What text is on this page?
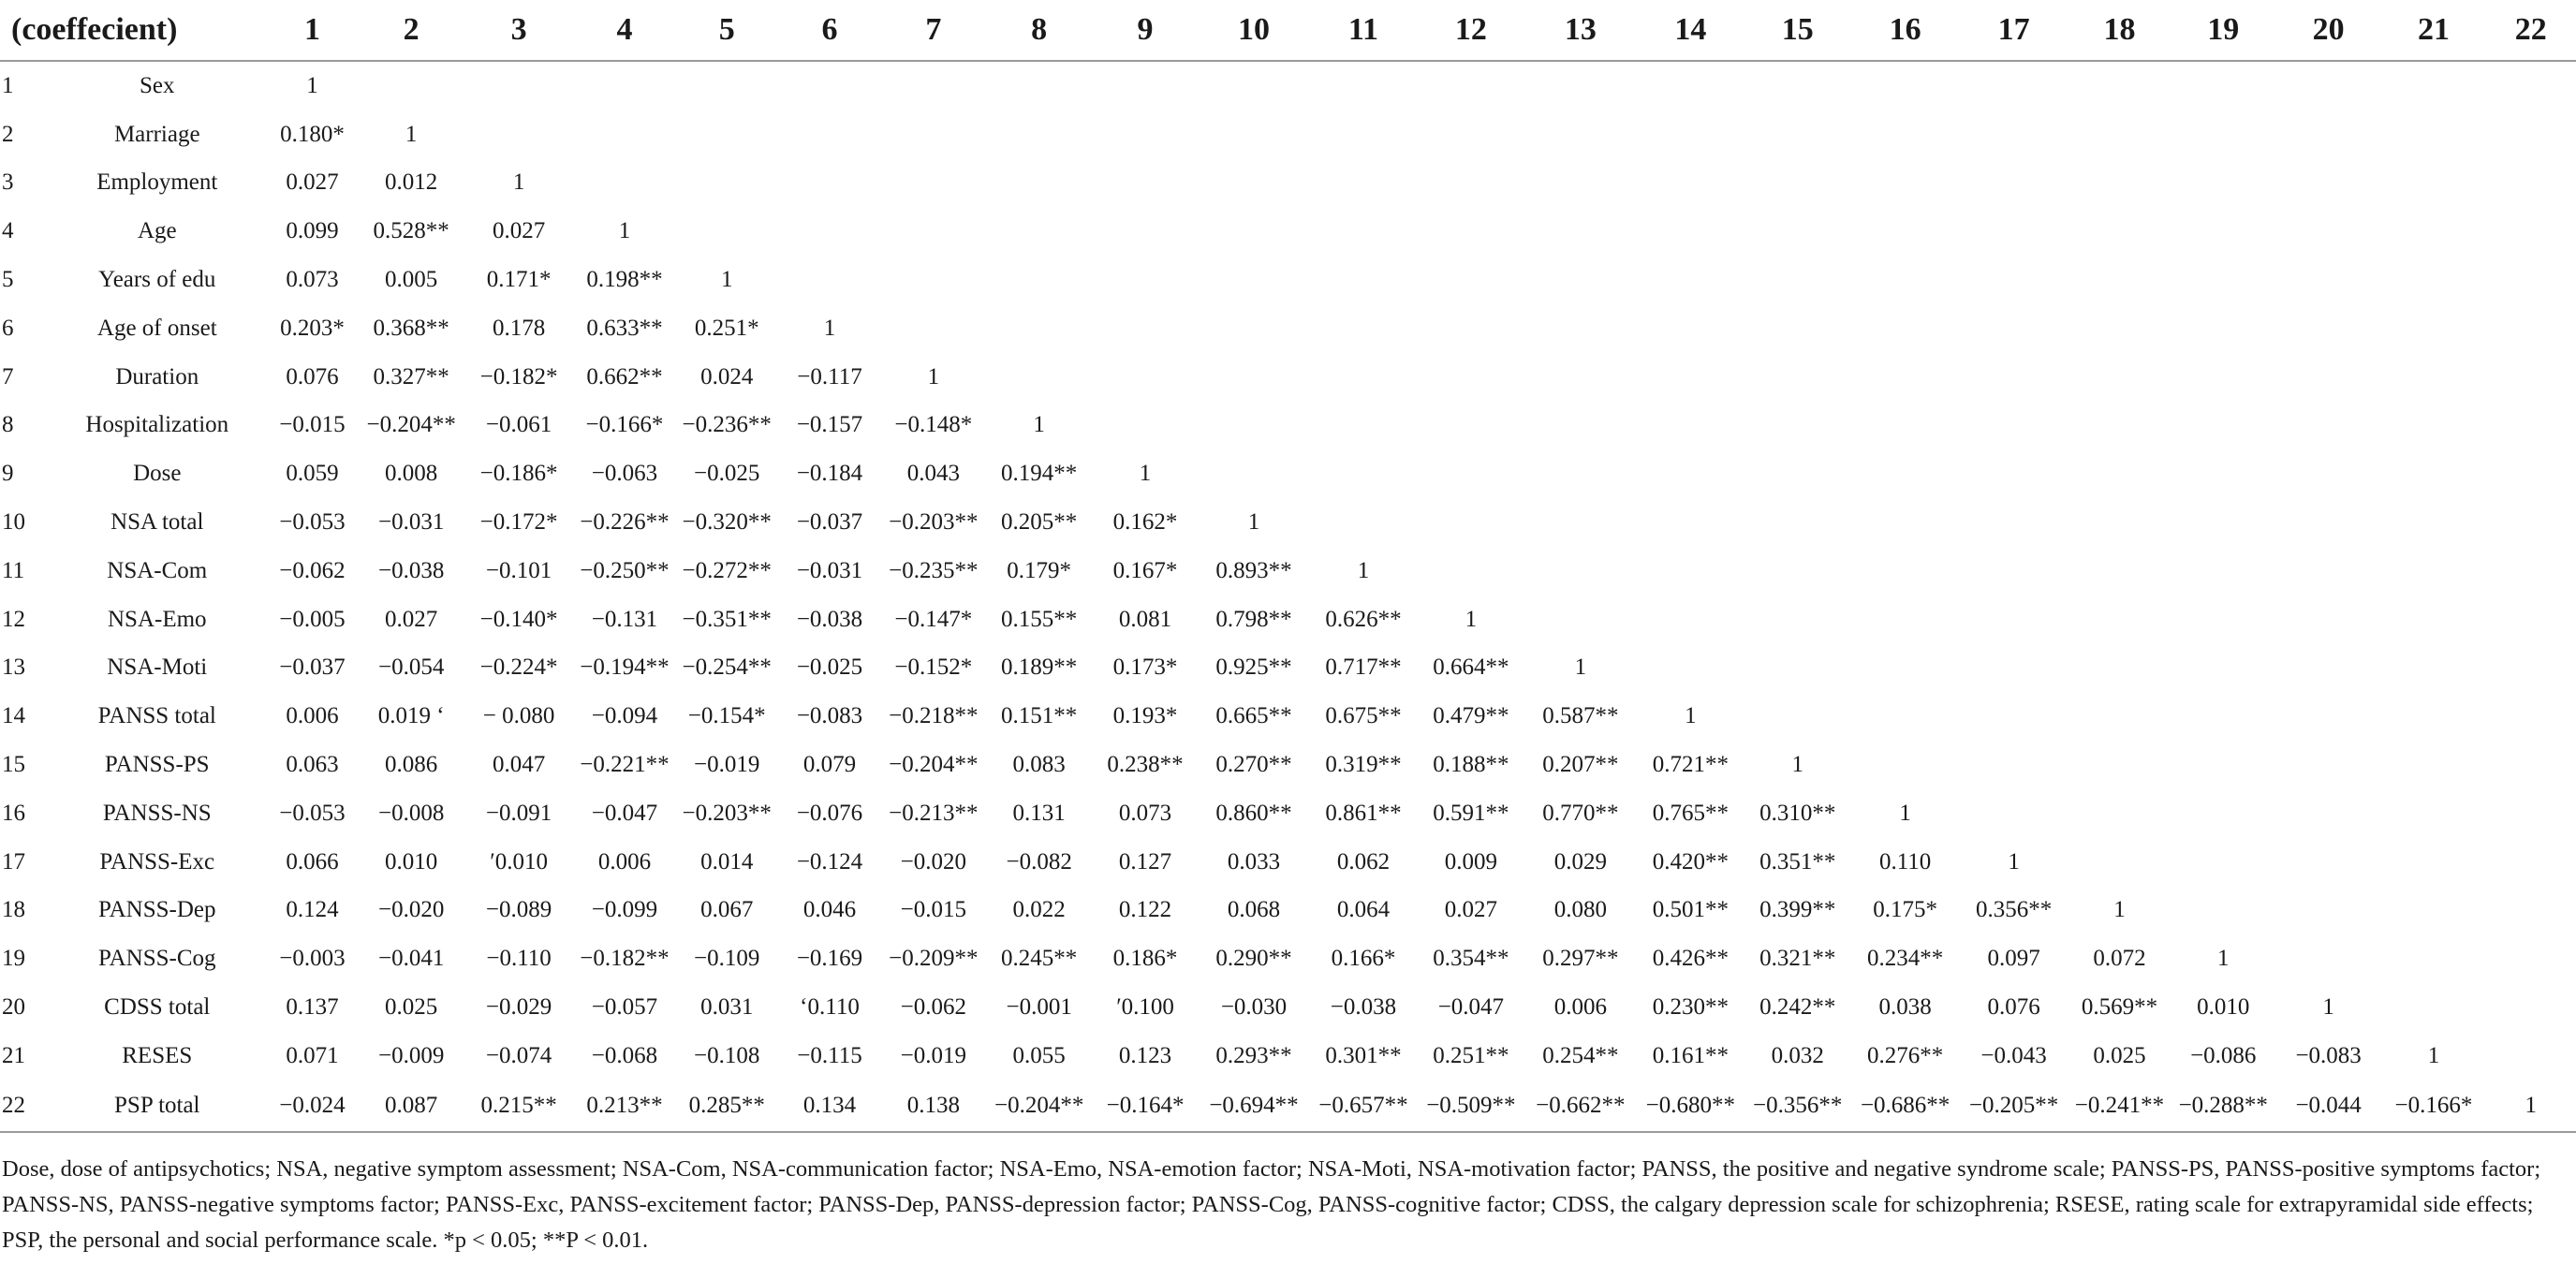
(coeffecient)		1	2	3	4	5	6	7	8	9	10	11	12	13	14	15	16	17	18	19	20	21	22
1	Sex	1																					
2	Marriage	0.180*	1																				
3	Employment	0.027	0.012	1																			
4	Age	0.099	0.528**	0.027	1																		
5	Years of edu	0.073	0.005	0.171*	0.198**	1																	
6	Age of onset	0.203*	0.368**	0.178	0.633**	0.251*	1																
7	Duration	0.076	0.327**	−0.182*	0.662**	0.024	−0.117	1															
8	Hospitalization	−0.015	−0.204**	−0.061	−0.166*	−0.236**	−0.157	−0.148*	1														
9	Dose	0.059	0.008	−0.186*	−0.063	−0.025	−0.184	0.043	0.194**	1													
10	NSA total	−0.053	−0.031	−0.172*	−0.226**	−0.320**	−0.037	−0.203**	0.205**	0.162*	1												
11	NSA-Com	−0.062	−0.038	−0.101	−0.250**	−0.272**	−0.031	−0.235**	0.179*	0.167*	0.893**	1											
12	NSA-Emo	−0.005	0.027	−0.140*	−0.131	−0.351**	−0.038	−0.147*	0.155**	0.081	0.798**	0.626**	1										
13	NSA-Moti	−0.037	−0.054	−0.224*	−0.194**	−0.254**	−0.025	−0.152*	0.189**	0.173*	0.925**	0.717**	0.664**	1									
14	PANSS total	0.006	0.019 ‘	− 0.080	−0.094	−0.154*	−0.083	−0.218**	0.151**	0.193*	0.665**	0.675**	0.479**	0.587**	1								
15	PANSS-PS	0.063	0.086	0.047	−0.221**	−0.019	0.079	−0.204**	0.083	0.238**	0.270**	0.319**	0.188**	0.207**	0.721**	1							
16	PANSS-NS	−0.053	−0.008	−0.091	−0.047	−0.203**	−0.076	−0.213**	0.131	0.073	0.860**	0.861**	0.591**	0.770**	0.765**	0.310**	1						
17	PANSS-Exc	0.066	0.010	′0.010	0.006	0.014	−0.124	−0.020	−0.082	0.127	0.033	0.062	0.009	0.029	0.420**	0.351**	0.110	1					
18	PANSS-Dep	0.124	−0.020	−0.089	−0.099	0.067	0.046	−0.015	0.022	0.122	0.068	0.064	0.027	0.080	0.501**	0.399**	0.175*	0.356**	1				
19	PANSS-Cog	−0.003	−0.041	−0.110	−0.182**	−0.109	−0.169	−0.209**	0.245**	0.186*	0.290**	0.166*	0.354**	0.297**	0.426**	0.321**	0.234**	0.097	0.072	1			
20	CDSS total	0.137	0.025	−0.029	−0.057	0.031	‘0.110	−0.062	−0.001	′0.100	−0.030	−0.038	−0.047	0.006	0.230**	0.242**	0.038	0.076	0.569**	0.010	1		
21	RESES	0.071	−0.009	−0.074	−0.068	−0.108	−0.115	−0.019	0.055	0.123	0.293**	0.301**	0.251**	0.254**	0.161**	0.032	0.276**	−0.043	0.025	−0.086	−0.083	1	
22	PSP total	−0.024	0.087	0.215**	0.213**	0.285**	0.134	0.138	−0.204**	−0.164*	−0.694**	−0.657**	−0.509**	−0.662**	−0.680**	−0.356**	−0.686**	−0.205**	−0.241**	−0.288**	−0.044	−0.166*	1
Dose, dose of antipsychotics; NSA, negative symptom assessment; NSA-Com, NSA-communication factor; NSA-Emo, NSA-emotion factor; NSA-Moti, NSA-motivation factor; PANSS, the positive and negative syndrome scale; PANSS-PS, PANSS-positive symptoms factor; PANSS-NS, PANSS-negative symptoms factor; PANSS-Exc, PANSS-excitement factor; PANSS-Dep, PANSS-depression factor; PANSS-Cog, PANSS-cognitive factor; CDSS, the calgary depression scale for schizophrenia; RSESE, rating scale for extrapyramidal side effects; PSP, the personal and social performance scale. *p < 0.05; **P < 0.01.																							
